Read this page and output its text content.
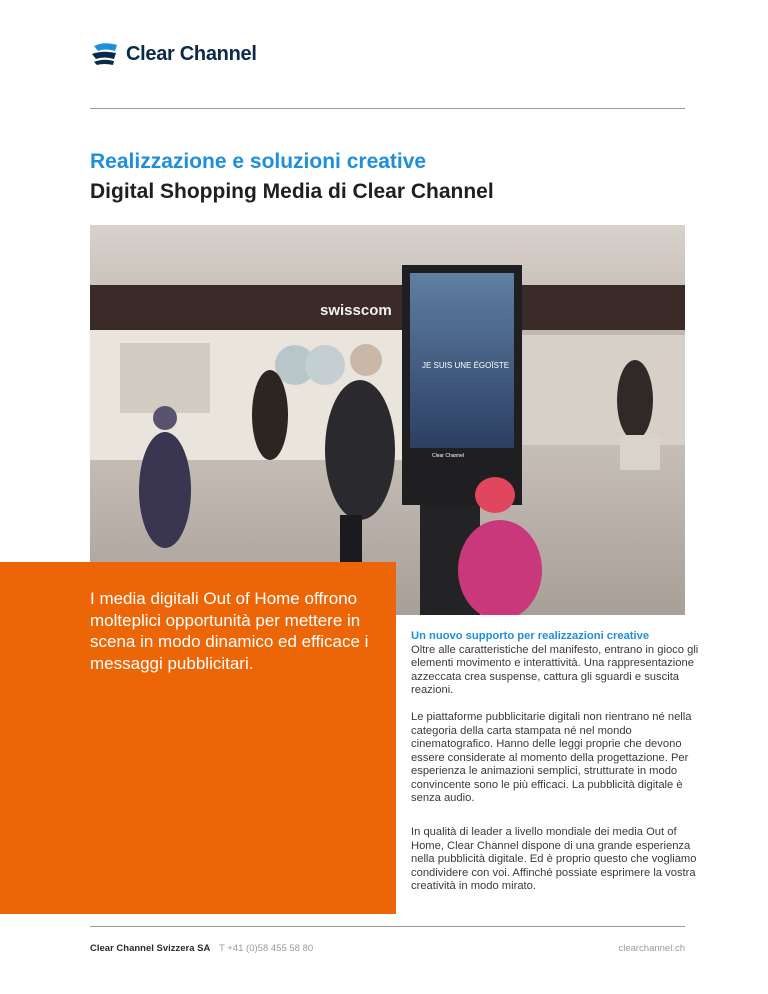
Clear Channel
Realizzazione e soluzioni creative
Digital Shopping Media di Clear Channel
swisscom
JE SUIS UNE ÉGOÏSTE
Clear Channel
I media digitali Out of Home offrono molteplici opportunità per mettere in scena in modo dinamico ed efficace i messaggi pubblicitari.
Un nuovo supporto per realizzazioni creative
Oltre alle caratteristiche del manifesto, entrano in gioco gli elementi movimento e interattività. Una rappresentazione azzeccata crea suspense, cattura gli sguardi e suscita reazioni.
Le piattaforme pubblicitarie digitali non rientrano né nella categoria della carta stampata né nel mondo cinematografico. Hanno delle leggi proprie che devono essere considerate al momento della progettazione. Per esperienza le animazioni semplici, strutturate in modo convincente sono le più efficaci. La pubblicità digitale è senza audio.
In qualità di leader a livello mondiale dei media Out of Home, Clear Channel dispone di una grande esperienza nella pubblicità digitale. Ed è proprio questo che vogliamo condividere con voi. Affinché possiate esprimere la vostra creatività in modo mirato.
Clear Channel Svizzera SA T +41 (0)58 455 58 80	clearchannel.ch
